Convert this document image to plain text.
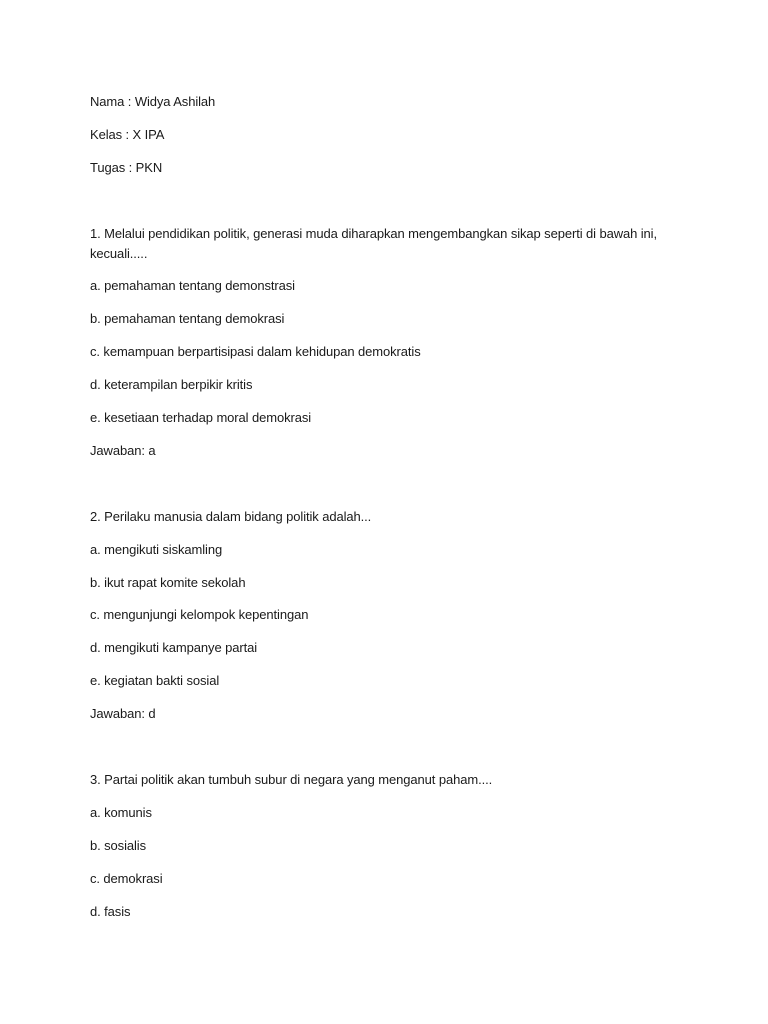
Nama : Widya Ashilah
Kelas : X IPA
Tugas : PKN
1. Melalui pendidikan politik, generasi muda diharapkan mengembangkan sikap seperti di bawah ini,
kecuali.....
a. pemahaman tentang demonstrasi
b. pemahaman tentang demokrasi
c. kemampuan berpartisipasi dalam kehidupan demokratis
d. keterampilan berpikir kritis
e. kesetiaan terhadap moral demokrasi
Jawaban: a
2. Perilaku manusia dalam bidang politik adalah...
a. mengikuti siskamling
b. ikut rapat komite sekolah
c. mengunjungi kelompok kepentingan
d. mengikuti kampanye partai
e. kegiatan bakti sosial
Jawaban: d
3. Partai politik akan tumbuh subur di negara yang menganut paham....
a. komunis
b. sosialis
c. demokrasi
d. fasis
